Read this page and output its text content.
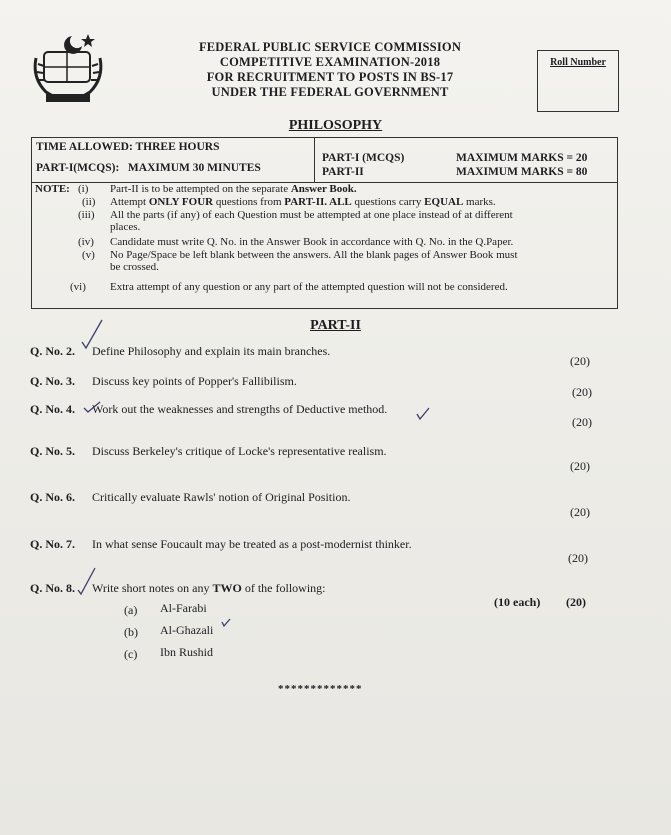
FEDERAL PUBLIC SERVICE COMMISSION
COMPETITIVE EXAMINATION-2018
FOR RECRUITMENT TO POSTS IN BS-17
UNDER THE FEDERAL GOVERNMENT
Roll Number
PHILOSOPHY
TIME ALLOWED: THREE HOURS
PART-I(MCQS):   MAXIMUM 30 MINUTES
PART-I (MCQS)
PART-II
MAXIMUM MARKS = 20
MAXIMUM MARKS = 80
NOTE: (i) Part-II is to be attempted on the separate Answer Book.
(ii) Attempt ONLY FOUR questions from PART-II. ALL questions carry EQUAL marks.
(iii) All the parts (if any) of each Question must be attempted at one place instead of at different
places.
(iv) Candidate must write Q. No. in the Answer Book in accordance with Q. No. in the Q.Paper.
(v) No Page/Space be left blank between the answers. All the blank pages of Answer Book must
be crossed.
(vi) Extra attempt of any question or any part of the attempted question will not be considered.
PART-II
Q. No. 2. Define Philosophy and explain its main branches.
(20)
Q. No. 3. Discuss key points of Popper's Fallibilism.
(20)
Q. No. 4. Work out the weaknesses and strengths of Deductive method.
(20)
Q. No. 5. Discuss Berkeley's critique of Locke's representative realism.
(20)
Q. No. 6. Critically evaluate Rawls' notion of Original Position.
(20)
Q. No. 7. In what sense Foucault may be treated as a post-modernist thinker.
(20)
Q. No. 8. Write short notes on any TWO of the following:
(10 each) (20)
(a) Al-Farabi
(b) Al-Ghazali
(c) Ibn Rushid
*************
